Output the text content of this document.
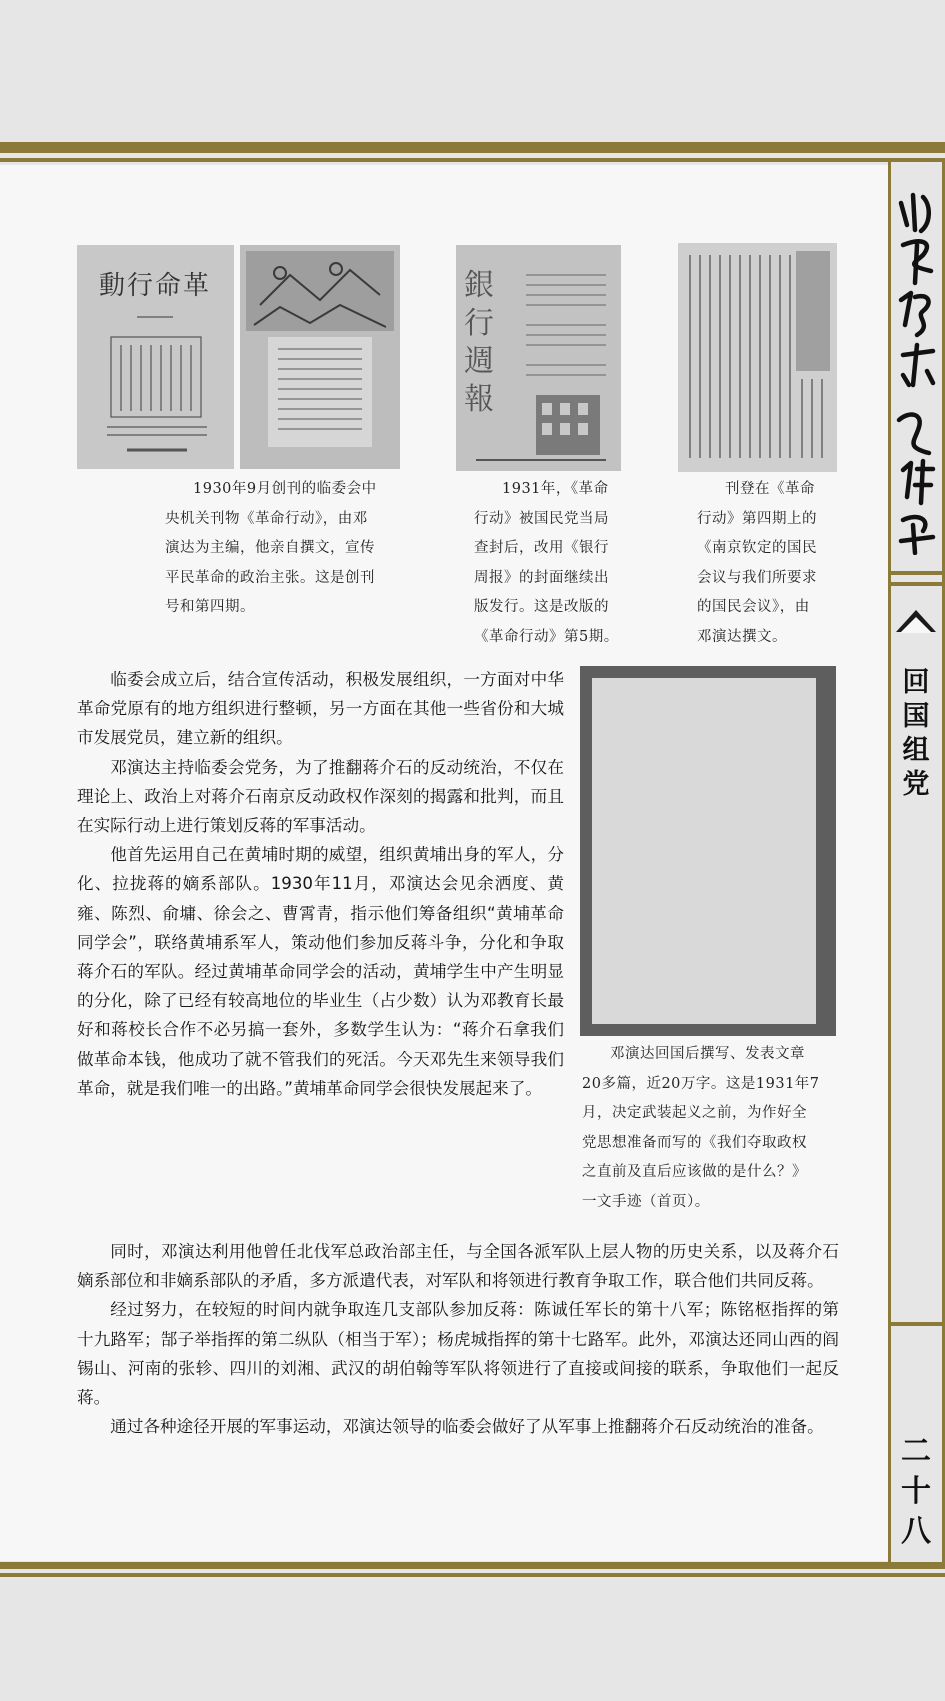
回
国
组
党
二
十
八
動行命革	銀行週報

1930年9月创刊的临委会中

央机关刊物《革命行动》，由邓

演达为主编，他亲自撰文，宣传

平民革命的政治主张。这是创刊

号和第四期。

1931年，《革命

行动》被国民党当局

查封后，改用《银行

周报》的封面继续出

版发行。这是改版的

《革命行动》第5期。

刊登在《革命

行动》第四期上的

《南京钦定的国民

会议与我们所要求

的国民会议》，由

邓演达撰文。

邓演达回国后撰写、发表文章

20多篇，近20万字。这是1931年7

月，决定武装起义之前，为作好全

党思想准备而写的《我们夺取政权

之直前及直后应该做的是什么？》

一文手迹（首页）。

临委会成立后，结合宣传活动，积极发展组织，一方面对中华革命党原有的地方组织进行整顿，另一方面在其他一些省份和大城市发展党员，建立新的组织。

邓演达主持临委会党务，为了推翻蒋介石的反动统治，不仅在理论上、政治上对蒋介石南京反动政权作深刻的揭露和批判，而且在实际行动上进行策划反蒋的军事活动。

他首先运用自己在黄埔时期的威望，组织黄埔出身的军人，分化、拉拢蒋的嫡系部队。1930年11月，邓演达会见余洒度、黄雍、陈烈、俞墉、徐会之、曹霄青，指示他们筹备组织“黄埔革命同学会”，联络黄埔系军人，策动他们参加反蒋斗争，分化和争取蒋介石的军队。经过黄埔革命同学会的活动，黄埔学生中产生明显的分化，除了已经有较高地位的毕业生（占少数）认为邓教育长最好和蒋校长合作不必另搞一套外，多数学生认为：“蒋介石拿我们做革命本钱，他成功了就不管我们的死活。今天邓先生来领导我们革命，就是我们唯一的出路。”黄埔革命同学会很快发展起来了。

同时，邓演达利用他曾任北伐军总政治部主任，与全国各派军队上层人物的历史关系，以及蒋介石嫡系部位和非嫡系部队的矛盾，多方派遣代表，对军队和将领进行教育争取工作，联合他们共同反蒋。

经过努力，在较短的时间内就争取连几支部队参加反蒋：陈诚任军长的第十八军；陈铭枢指挥的第十九路军；郜子举指挥的第二纵队（相当于军）；杨虎城指挥的第十七路军。此外，邓演达还同山西的阎锡山、河南的张轸、四川的刘湘、武汉的胡伯翰等军队将领进行了直接或间接的联系，争取他们一起反蒋。

通过各种途径开展的军事运动，邓演达领导的临委会做好了从军事上推翻蒋介石反动统治的准备。
